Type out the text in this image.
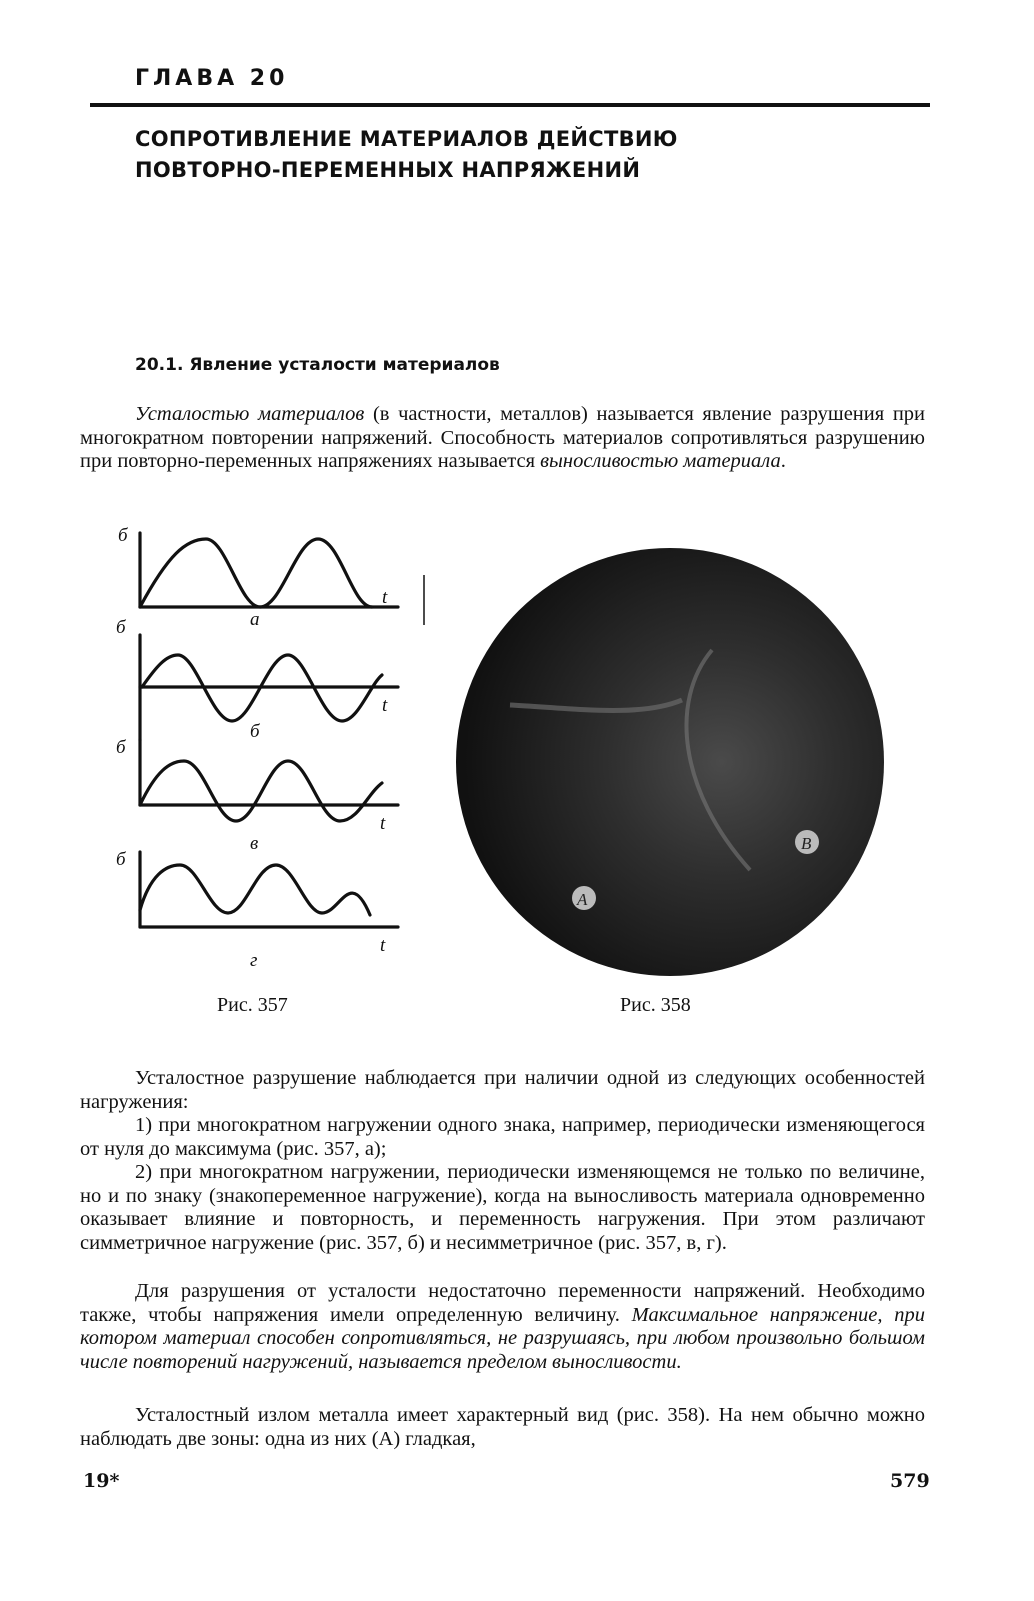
ГЛАВА 20
СОПРОТИВЛЕНИЕ МАТЕРИАЛОВ ДЕЙСТВИЮ
ПОВТОРНО-ПЕРЕМЕННЫХ НАПРЯЖЕНИЙ
20.1. Явление усталости материалов

Усталостью материалов (в частности, металлов) называется явление разрушения при многократном повторении напряжений. Способность материалов сопротивляться разрушению при повторно-переменных напряжениях называется выносливостью материала.

б
t
а
б
t
б
б
t
в
б
t
г
Рис. 357
A
B
Рис. 358

Усталостное разрушение наблюдается при наличии одной из следующих особенностей нагружения:

1) при многократном нагружении одного знака, например, периодически изменяющегося от нуля до максимума (рис. 357, а);

2) при многократном нагружении, периодически изменяющемся не только по величине, но и по знаку (знакопеременное нагружение), когда на выносливость материала одновременно оказывает влияние и повторность, и переменность нагружения. При этом различают симметричное нагружение (рис. 357, б) и несимметричное (рис. 357, в, г).

Для разрушения от усталости недостаточно переменности напряжений. Необходимо также, чтобы напряжения имели определенную величину. Максимальное напряжение, при котором материал способен сопротивляться, не разрушаясь, при любом произвольно большом числе повторений нагружений, называется пределом выносливости.

Усталостный излом металла имеет характерный вид (рис. 358). На нем обычно можно наблюдать две зоны: одна из них (А) гладкая,

19*	579
